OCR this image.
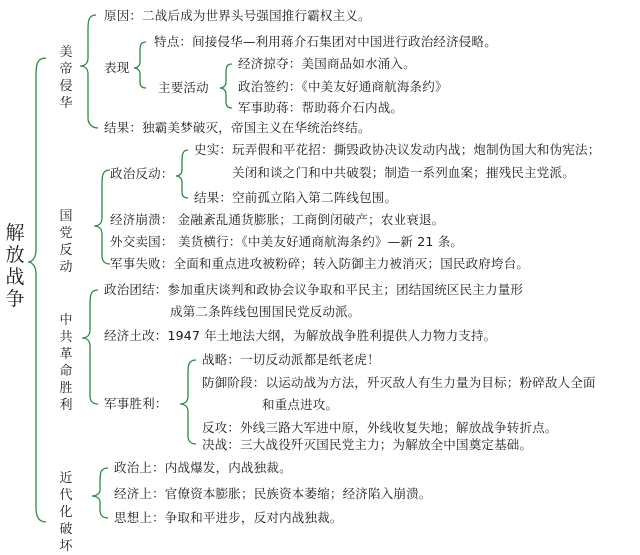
解
放
战
争
美
帝
侵
华
原因：二战后成为世界头号强国推行霸权主义。
表现
特点：间接侵华—利用蒋介石集团对中国进行政治经济侵略。
主要活动
经济掠夺：美国商品如水涌入。
政治签约：《中美友好通商航海条约》
军事助蒋：帮助蒋介石内战。
结果：独霸美梦破灭，帝国主义在华统治终结。
国
党
反
动
政治反动：
史实：玩弄假和平花招：撕毁政协决议发动内战；炮制伪国大和伪宪法；
关闭和谈之门和中共破裂；制造一系列血案；摧残民主党派。
结果：空前孤立陷入第二阵线包围。
经济崩溃： 金融紊乱通货膨胀；工商倒闭破产；农业衰退。
外交卖国： 美货横行：《中美友好通商航海条约》—新 21 条。
军事失败：全面和重点进攻被粉碎；转入防御主力被消灭；国民政府垮台。
中
共
革
命
胜
利
政治团结：参加重庆谈判和政协会议争取和平民主；团结国统区民主力量形
成第二条阵线包围国民党反动派。
经济土改：1947 年土地法大纲，为解放战争胜利提供人力物力支持。
军事胜利：
战略：一切反动派都是纸老虎！
防御阶段：以运动战为方法，歼灭敌人有生力量为目标；粉碎敌人全面
和重点进攻。
反攻：外线三路大军进中原，外线收复失地；解放战争转折点。
决战：三大战役歼灭国民党主力；为解放全中国奠定基础。
近
代
化
破
坏
政治上：内战爆发，内战独裁。
经济上：官僚资本膨胀；民族资本萎缩；经济陷入崩溃。
思想上：争取和平进步，反对内战独裁。
